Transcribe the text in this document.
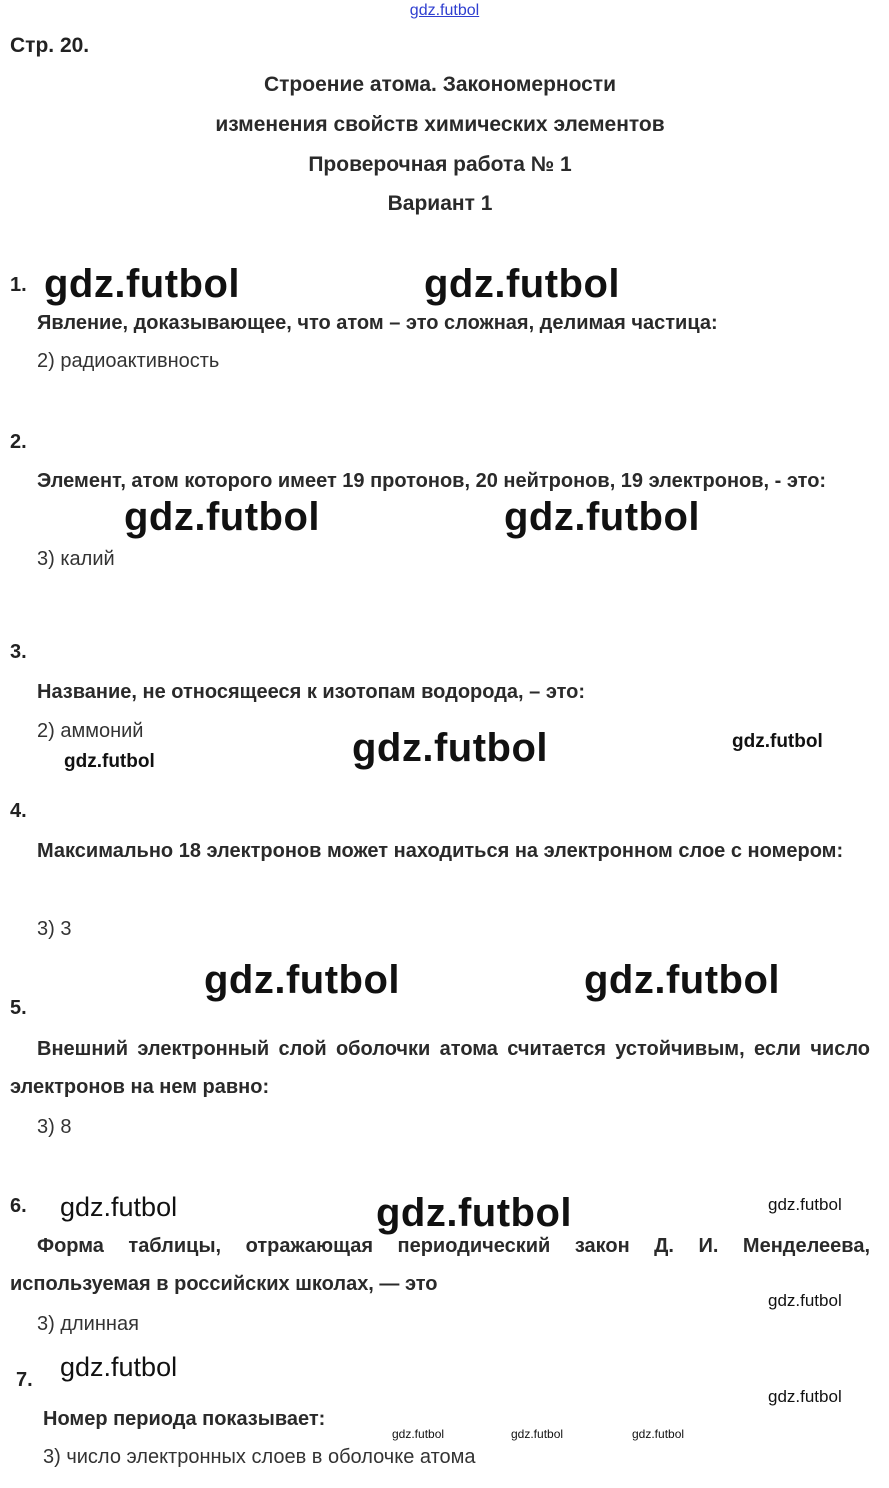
gdz.futbol
Стр. 20.
Строение атома. Закономерности
изменения свойств химических элементов
Проверочная работа № 1
Вариант 1
1. gdz.futbol	gdz.futbol
Явление, доказывающее, что атом – это сложная, делимая частица:
2) радиоактивность
2.
Элемент, атом которого имеет 19 протонов, 20 нейтронов, 19 электронов, - это:
gdz.futbol	gdz.futbol
3) калий
3.
Название, не относящееся к изотопам водорода, – это:
2) аммоний
gdz.futbol	gdz.futbol	gdz.futbol
4.
Максимально 18 электронов может находиться на электронном слое с номером:
3) 3
gdz.futbol	gdz.futbol
5.
Внешний электронный слой оболочки атома считается устойчивым, если число электронов на нем равно:
3) 8
6. gdz.futbol	gdz.futbol	gdz.futbol
Форма таблицы, отражающая периодический закон Д. И. Менделеева, используемая в российских школах, — это
gdz.futbol
3) длинная
7. gdz.futbol
gdz.futbol
Номер периода показывает:
gdz.futbol	gdz.futbol	gdz.futbol
3) число электронных слоев в оболочке атома
